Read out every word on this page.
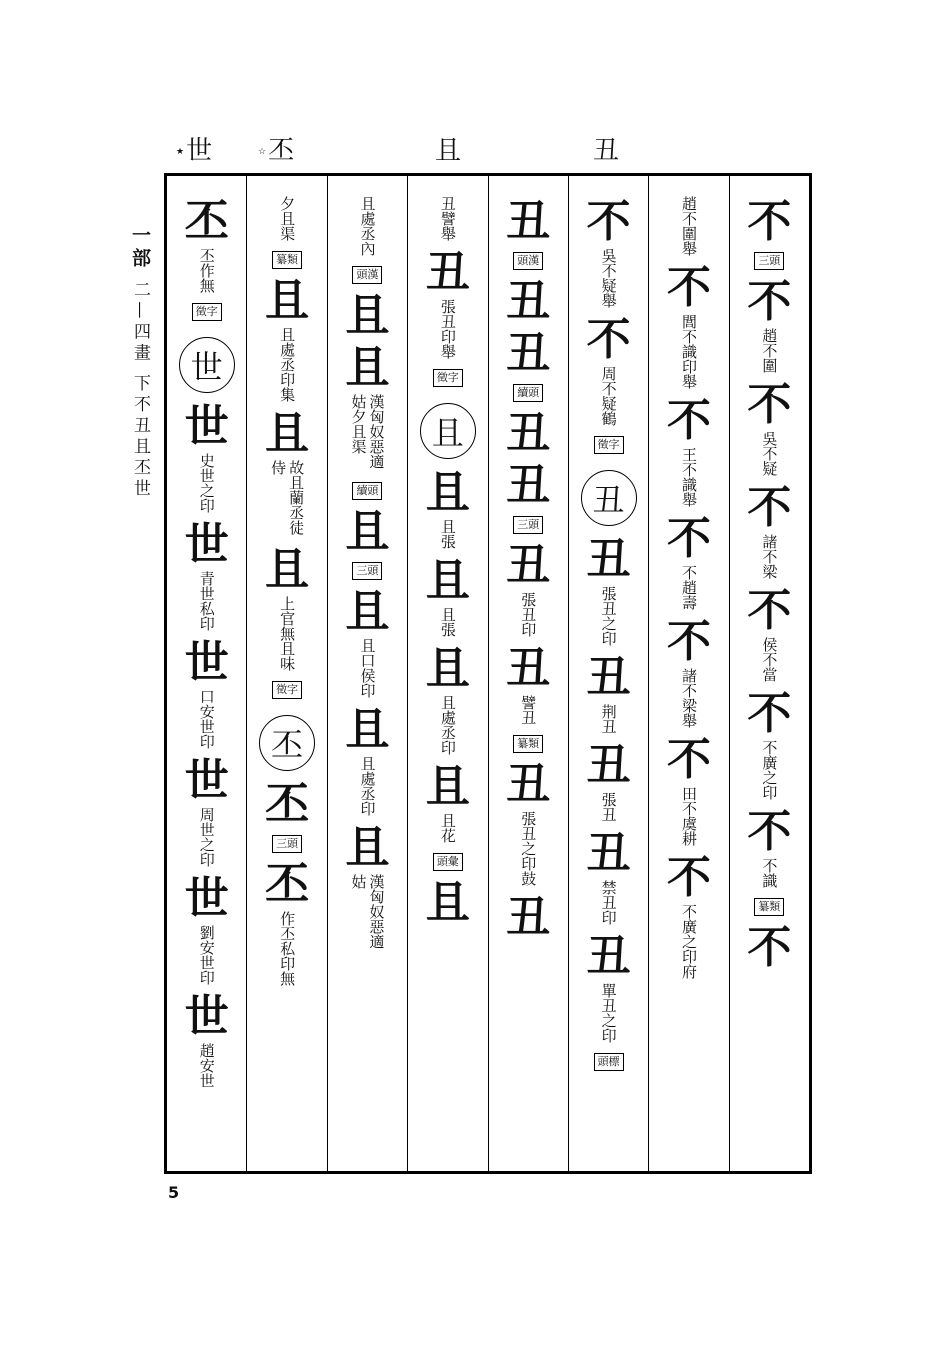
★世	☆丕	且	丑
一部 二—四畫 下不丑且丕世
丕
丕作無
徵字
世
世
史世之印
世
青世私印
世
口安世印
世
周世之印
世
劉安世印
世
趙安世
夕且渠
纂類
且
且處丞印集
且
故且蘭丞徒侍
且
上官無且味
徵字
丕
丕
三頭
丕
作丕私印無
且處丞內
頭漢
且
且
漢匈奴惡適姑夕且渠
續頭
且
三頭
且
且口侯印
且
且處丞印
且
漢匈奴惡適姑
丑譬舉
丑
張丑印舉
徵字
且
且
且張
且
且張
且
且處丞印
且
且花
頭彙
且
丑
頭漢
丑
丑
續頭
丑
丑
三頭
丑
張丑印
丑
譬丑
纂類
丑
張丑之印鼓
丑
不
吳不疑舉
不
周不疑鶴
徵字
丑
丑
張丑之印
丑
荆丑
丑
張丑
丑
禁丑印
丑
單丑之印
頭標
趙不圍舉
不
閭不識印舉
不
王不識舉
不
不趙壽
不
諸不梁舉
不
田不虞耕
不
不廣之印府
不
三頭
不
趙不圍
不
吳不疑
不
諸不梁
不
侯不當
不
不廣之印
不
不識
纂類
不
5
